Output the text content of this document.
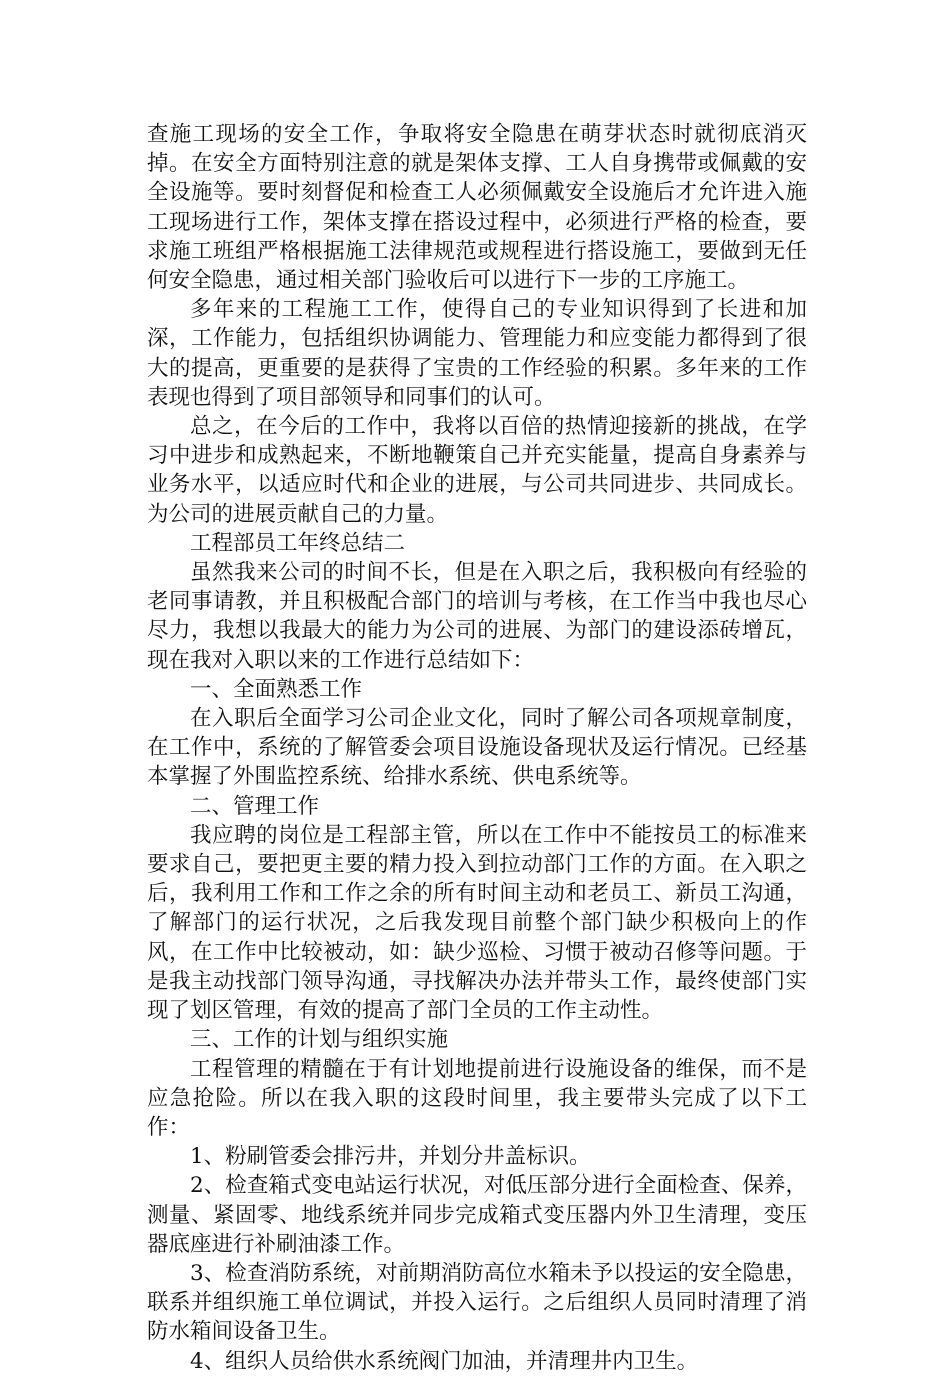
查施工现场的安全工作，争取将安全隐患在萌芽状态时就彻底消灭掉。在安全方面特别注意的就是架体支撑、工人自身携带或佩戴的安全设施等。要时刻督促和检查工人必须佩戴安全设施后才允许进入施工现场进行工作，架体支撑在搭设过程中，必须进行严格的检查，要求施工班组严格根据施工法律规范或规程进行搭设施工，要做到无任何安全隐患，通过相关部门验收后可以进行下一步的工序施工。

多年来的工程施工工作，使得自己的专业知识得到了长进和加深，工作能力，包括组织协调能力、管理能力和应变能力都得到了很大的提高，更重要的是获得了宝贵的工作经验的积累。多年来的工作表现也得到了项目部领导和同事们的认可。

总之，在今后的工作中，我将以百倍的热情迎接新的挑战，在学习中进步和成熟起来，不断地鞭策自己并充实能量，提高自身素养与业务水平，以适应时代和企业的进展，与公司共同进步、共同成长。为公司的进展贡献自己的力量。

工程部员工年终总结二

虽然我来公司的时间不长，但是在入职之后，我积极向有经验的老同事请教，并且积极配合部门的培训与考核，在工作当中我也尽心尽力，我想以我最大的能力为公司的进展、为部门的建设添砖增瓦，现在我对入职以来的工作进行总结如下：

一、全面熟悉工作

在入职后全面学习公司企业文化，同时了解公司各项规章制度，在工作中，系统的了解管委会项目设施设备现状及运行情况。已经基本掌握了外围监控系统、给排水系统、供电系统等。

二、管理工作

我应聘的岗位是工程部主管，所以在工作中不能按员工的标准来要求自己，要把更主要的精力投入到拉动部门工作的方面。在入职之后，我利用工作和工作之余的所有时间主动和老员工、新员工沟通，了解部门的运行状况，之后我发现目前整个部门缺少积极向上的作风，在工作中比较被动，如：缺少巡检、习惯于被动召修等问题。于是我主动找部门领导沟通，寻找解决办法并带头工作，最终使部门实现了划区管理，有效的提高了部门全员的工作主动性。

三、工作的计划与组织实施

工程管理的精髓在于有计划地提前进行设施设备的维保，而不是应急抢险。所以在我入职的这段时间里，我主要带头完成了以下工作：

1、粉刷管委会排污井，并划分井盖标识。

2、检查箱式变电站运行状况，对低压部分进行全面检查、保养，测量、紧固零、地线系统并同步完成箱式变压器内外卫生清理，变压器底座进行补刷油漆工作。

3、检查消防系统，对前期消防高位水箱未予以投运的安全隐患，联系并组织施工单位调试，并投入运行。之后组织人员同时清理了消防水箱间设备卫生。

4、组织人员给供水系统阀门加油，并清理井内卫生。
